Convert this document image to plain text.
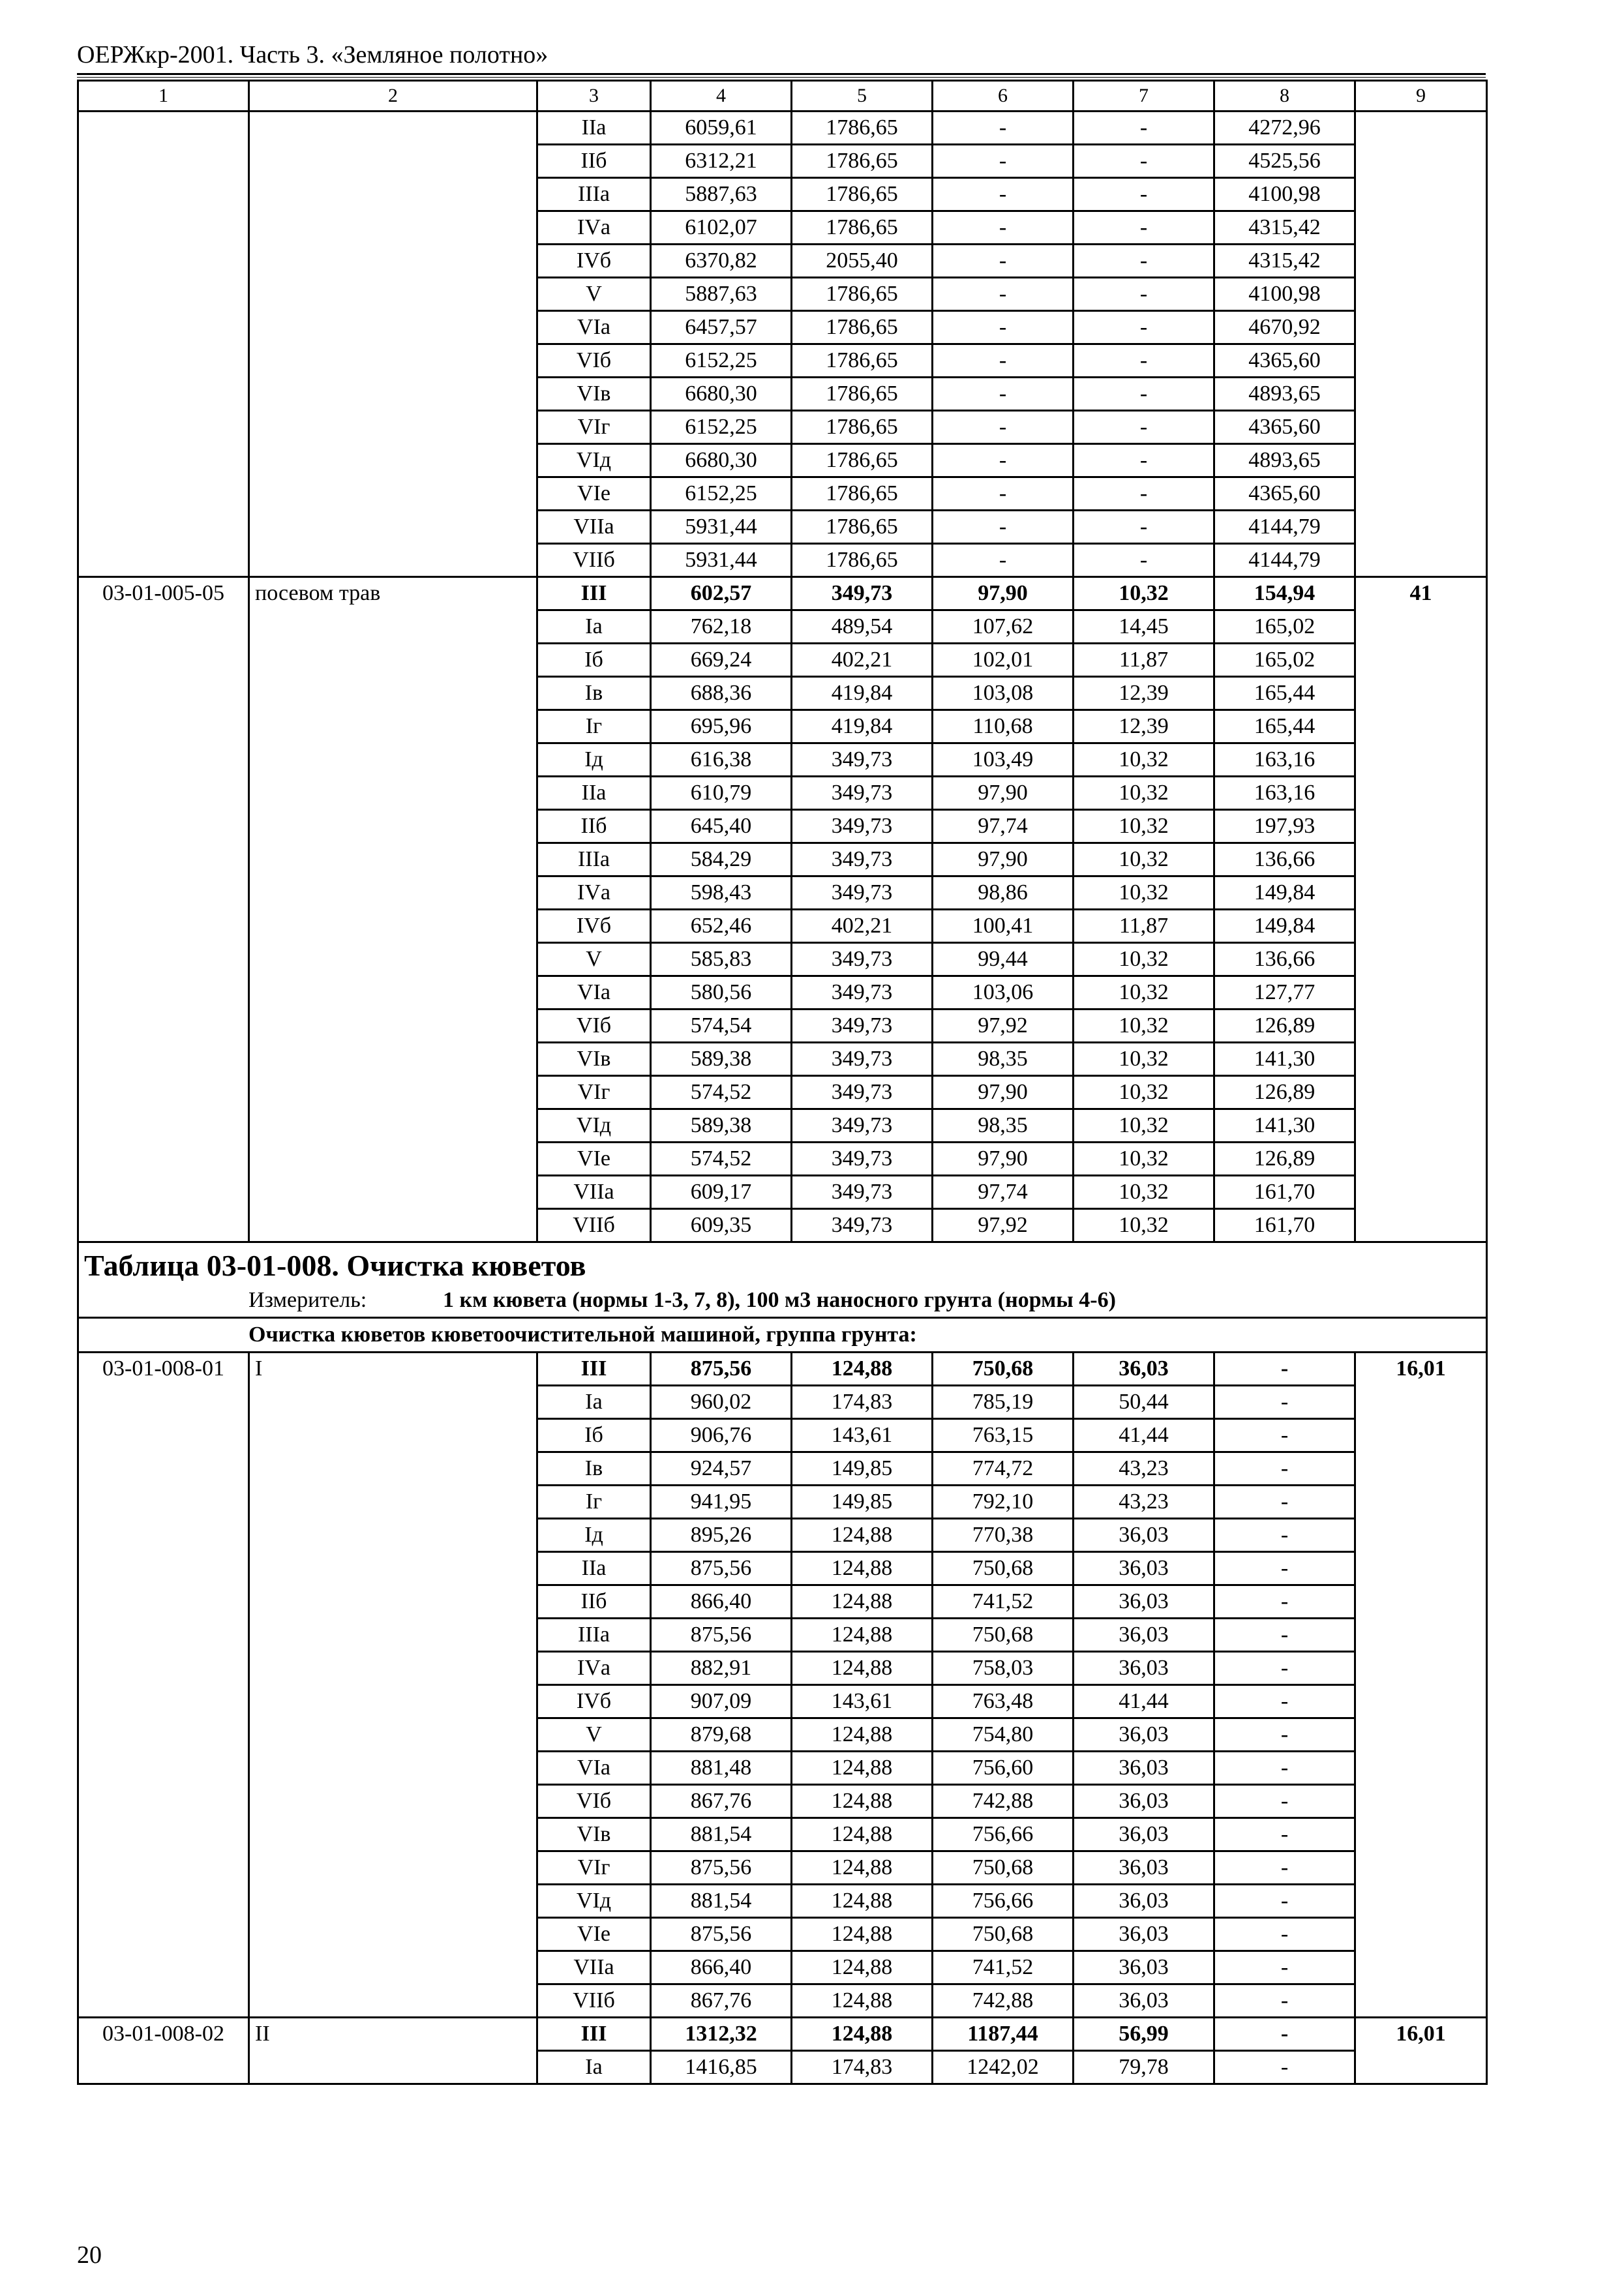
ОЕРЖкр-2001. Часть 3. «Земляное полотно»
1	2	3	4	5	6	7	8	9
		IIа	6059,61	1786,65	-	-	4272,96	
		IIб	6312,21	1786,65	-	-	4525,56	
		IIIа	5887,63	1786,65	-	-	4100,98	
		IVа	6102,07	1786,65	-	-	4315,42	
		IVб	6370,82	2055,40	-	-	4315,42	
		V	5887,63	1786,65	-	-	4100,98	
		VIа	6457,57	1786,65	-	-	4670,92	
		VIб	6152,25	1786,65	-	-	4365,60	
		VIв	6680,30	1786,65	-	-	4893,65	
		VIг	6152,25	1786,65	-	-	4365,60	
		VIд	6680,30	1786,65	-	-	4893,65	
		VIе	6152,25	1786,65	-	-	4365,60	
		VIIа	5931,44	1786,65	-	-	4144,79	
		VIIб	5931,44	1786,65	-	-	4144,79	
03-01-005-05	посевом трав	III	602,57	349,73	97,90	10,32	154,94	41
		Iа	762,18	489,54	107,62	14,45	165,02	
		Iб	669,24	402,21	102,01	11,87	165,02	
		Iв	688,36	419,84	103,08	12,39	165,44	
		Iг	695,96	419,84	110,68	12,39	165,44	
		Iд	616,38	349,73	103,49	10,32	163,16	
		IIа	610,79	349,73	97,90	10,32	163,16	
		IIб	645,40	349,73	97,74	10,32	197,93	
		IIIа	584,29	349,73	97,90	10,32	136,66	
		IVа	598,43	349,73	98,86	10,32	149,84	
		IVб	652,46	402,21	100,41	11,87	149,84	
		V	585,83	349,73	99,44	10,32	136,66	
		VIа	580,56	349,73	103,06	10,32	127,77	
		VIб	574,54	349,73	97,92	10,32	126,89	
		VIв	589,38	349,73	98,35	10,32	141,30	
		VIг	574,52	349,73	97,90	10,32	126,89	
		VIд	589,38	349,73	98,35	10,32	141,30	
		VIе	574,52	349,73	97,90	10,32	126,89	
		VIIа	609,17	349,73	97,74	10,32	161,70	
		VIIб	609,35	349,73	97,92	10,32	161,70	

Таблица 03-01-008. Очистка кюветов
Измеритель: 1 км кювета (нормы 1-3, 7, 8), 100 м3 наносного грунта (нормы 4-6)								

Очистка кюветов кюветоочистительной машиной, группа грунта:								
03-01-008-01	I	III	875,56	124,88	750,68	36,03	-	16,01
		Iа	960,02	174,83	785,19	50,44	-	
		Iб	906,76	143,61	763,15	41,44	-	
		Iв	924,57	149,85	774,72	43,23	-	
		Iг	941,95	149,85	792,10	43,23	-	
		Iд	895,26	124,88	770,38	36,03	-	
		IIа	875,56	124,88	750,68	36,03	-	
		IIб	866,40	124,88	741,52	36,03	-	
		IIIа	875,56	124,88	750,68	36,03	-	
		IVа	882,91	124,88	758,03	36,03	-	
		IVб	907,09	143,61	763,48	41,44	-	
		V	879,68	124,88	754,80	36,03	-	
		VIа	881,48	124,88	756,60	36,03	-	
		VIб	867,76	124,88	742,88	36,03	-	
		VIв	881,54	124,88	756,66	36,03	-	
		VIг	875,56	124,88	750,68	36,03	-	
		VIд	881,54	124,88	756,66	36,03	-	
		VIе	875,56	124,88	750,68	36,03	-	
		VIIа	866,40	124,88	741,52	36,03	-	
		VIIб	867,76	124,88	742,88	36,03	-	
03-01-008-02	II	III	1312,32	124,88	1187,44	56,99	-	16,01
		Iа	1416,85	174,83	1242,02	79,78	-	
20
